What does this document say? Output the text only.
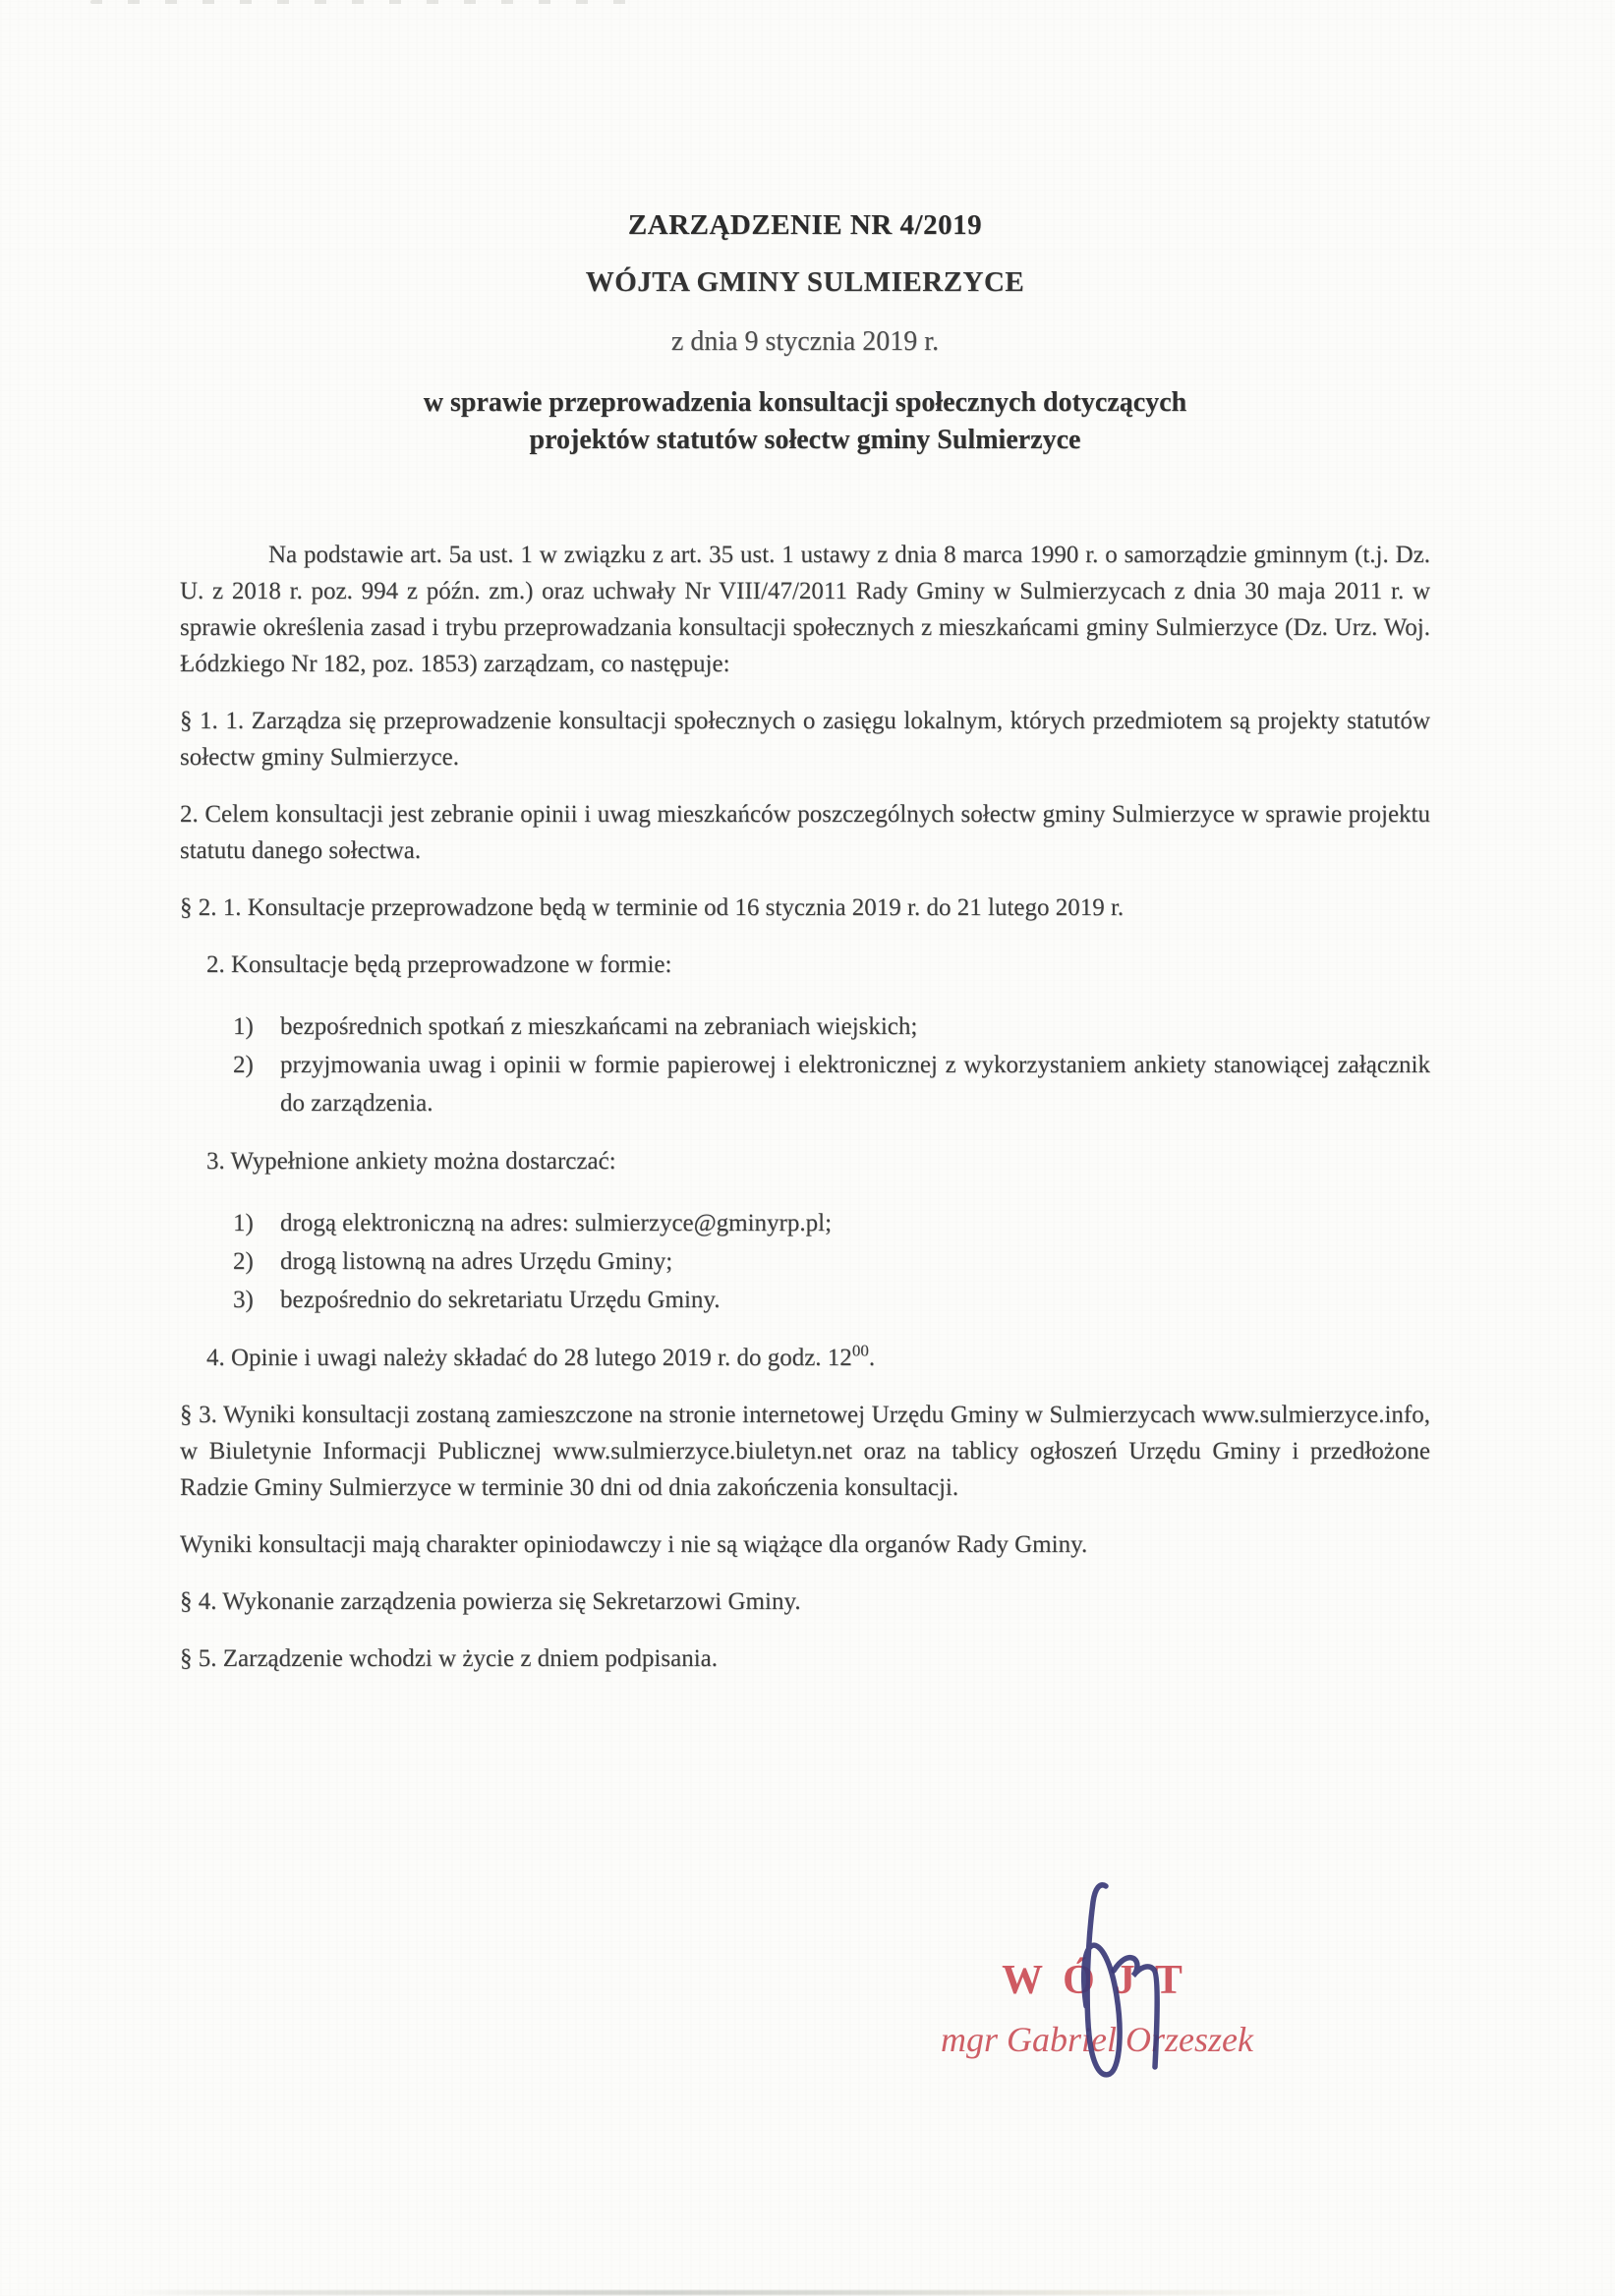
ZARZĄDZENIE NR 4/2019
WÓJTA GMINY SULMIERZYCE
z dnia 9 stycznia 2019 r.
w sprawie przeprowadzenia konsultacji społecznych dotyczących
projektów statutów sołectw gminy Sulmierzyce

Na podstawie art. 5a ust. 1 w związku z art. 35 ust. 1 ustawy z dnia 8 marca 1990 r. o samorządzie gminnym (t.j. Dz. U. z 2018 r. poz. 994 z późn. zm.) oraz uchwały Nr VIII/47/2011 Rady Gminy w Sulmierzycach z dnia 30 maja 2011 r. w sprawie określenia zasad i trybu przeprowadzania konsultacji społecznych z mieszkańcami gminy Sulmierzyce (Dz. Urz. Woj. Łódzkiego Nr 182, poz. 1853) zarządzam, co następuje:

§ 1. 1. Zarządza się przeprowadzenie konsultacji społecznych o zasięgu lokalnym, których przedmiotem są projekty statutów sołectw gminy Sulmierzyce.

2. Celem konsultacji jest zebranie opinii i uwag mieszkańców poszczególnych sołectw gminy Sulmierzyce w sprawie projektu statutu danego sołectwa.

§ 2. 1. Konsultacje przeprowadzone będą w terminie od 16 stycznia 2019 r. do 21 lutego 2019 r.

2. Konsultacje będą przeprowadzone w formie:

1) bezpośrednich spotkań z mieszkańcami na zebraniach wiejskich;
2) przyjmowania uwag i opinii w formie papierowej i elektronicznej z wykorzystaniem ankiety stanowiącej załącznik do zarządzenia.

3. Wypełnione ankiety można dostarczać:

1) drogą elektroniczną na adres: sulmierzyce@gminyrp.pl;
2) drogą listowną na adres Urzędu Gminy;
3) bezpośrednio do sekretariatu Urzędu Gminy.

4. Opinie i uwagi należy składać do 28 lutego 2019 r. do godz. $12^{00}$.

§ 3. Wyniki konsultacji zostaną zamieszczone na stronie internetowej Urzędu Gminy w Sulmierzycach www.sulmierzyce.info, w Biuletynie Informacji Publicznej www.sulmierzyce.biuletyn.net oraz na tablicy ogłoszeń Urzędu Gminy i przedłożone Radzie Gminy Sulmierzyce w terminie 30 dni od dnia zakończenia konsultacji.

Wyniki konsultacji mają charakter opiniodawczy i nie są wiążące dla organów Rady Gminy.

§ 4. Wykonanie zarządzenia powierza się Sekretarzowi Gminy.

§ 5. Zarządzenie wchodzi w życie z dniem podpisania.

WÓJT
mgr Gabriel Orzeszek
